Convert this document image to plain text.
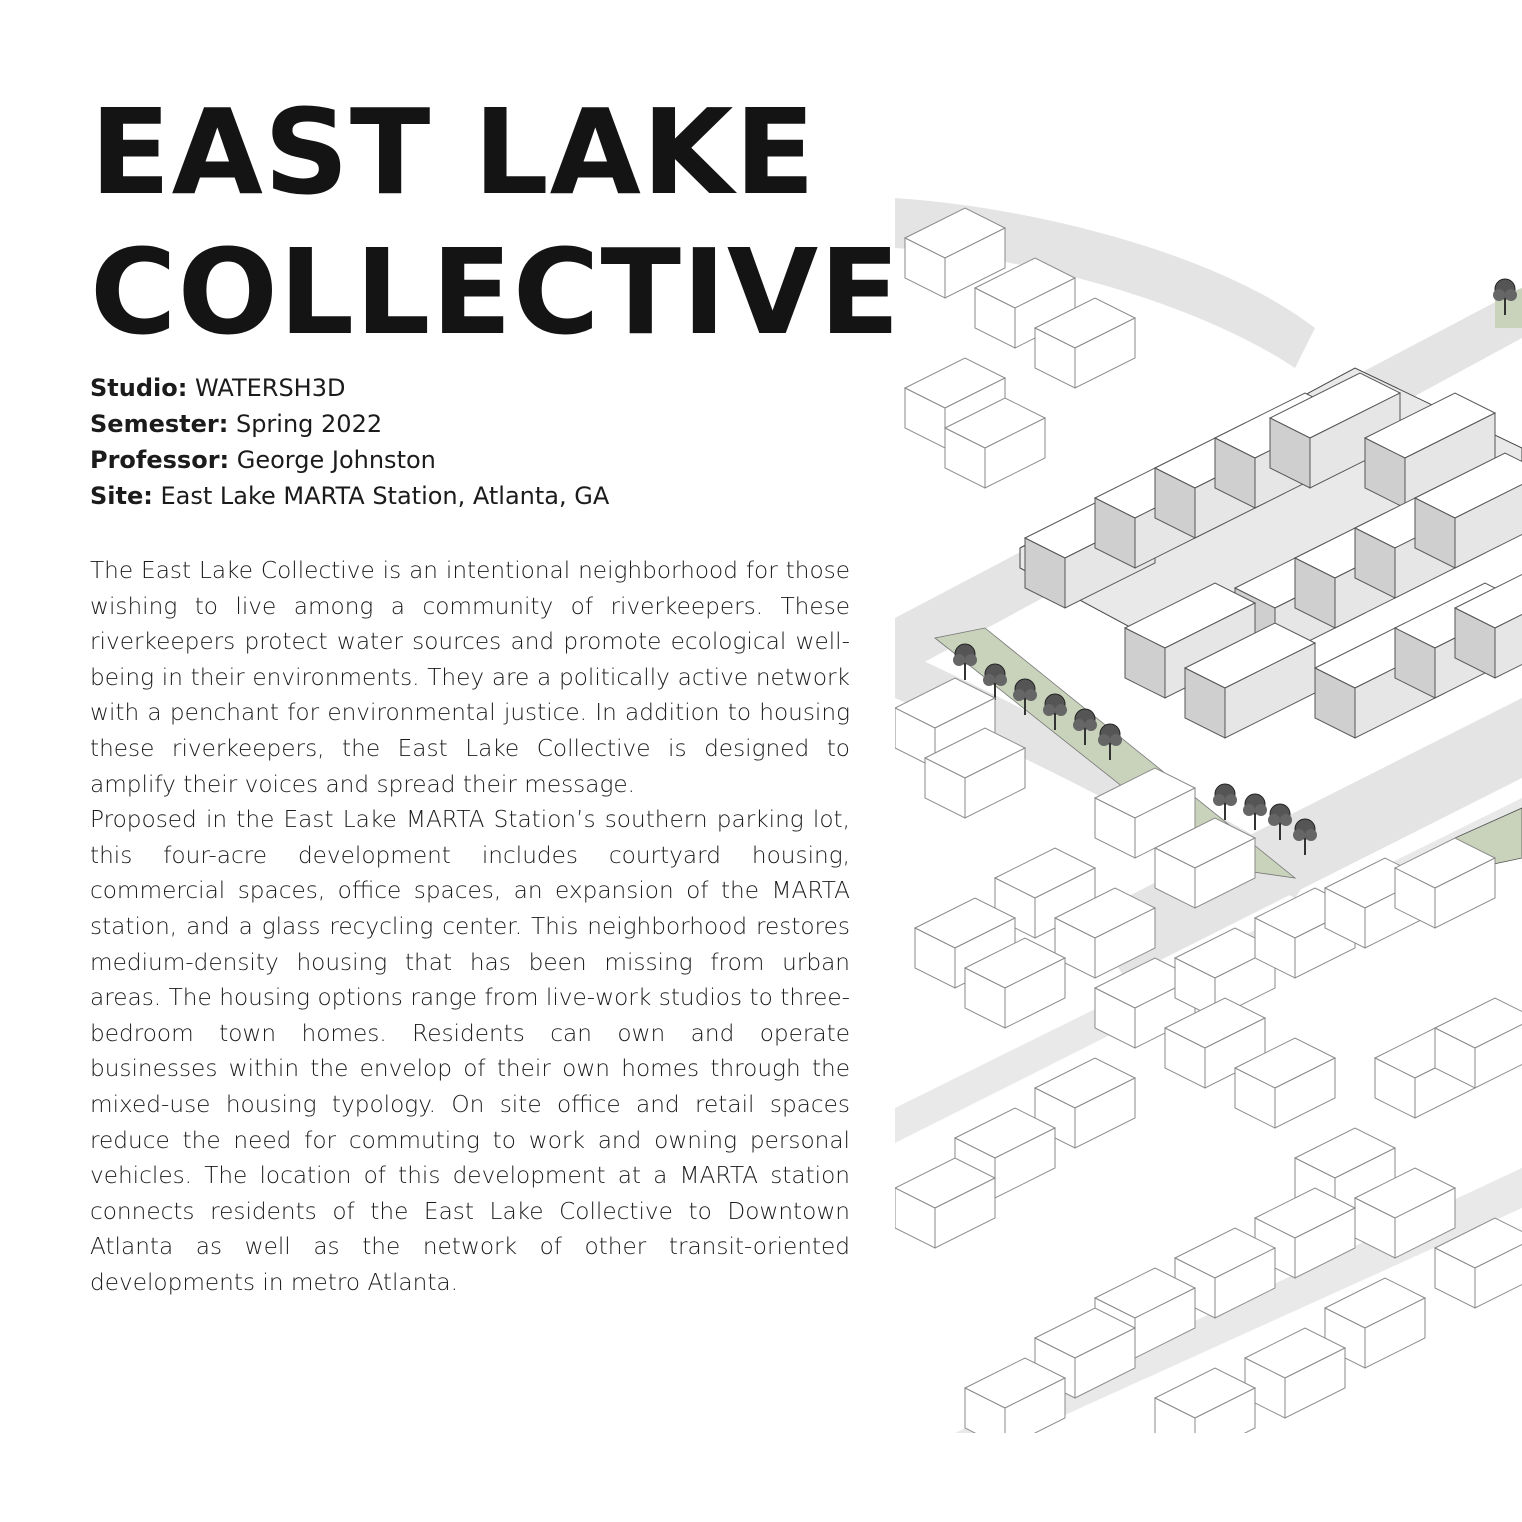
EAST LAKE
COLLECTIVE
Studio: WATERSH3D
Semester: Spring 2022
Professor: George Johnston
Site: East Lake MARTA Station, Atlanta, GA

The East Lake Collective is an intentional neighborhood for those wishing to live among a community of riverkeepers. These riverkeepers protect water sources and promote ecological well-being in their environments. They are a politically active network with a penchant for environmental justice. In addition to housing these riverkeepers, the East Lake Collective is designed to amplify their voices and spread their message.

Proposed in the East Lake MARTA Station’s southern parking lot, this four-acre development includes courtyard housing, commercial spaces, office spaces, an expansion of the MARTA station, and a glass recycling center. This neighborhood restores medium-density housing that has been missing from urban areas. The housing options range from live-work studios to three-bedroom town homes. Residents can own and operate businesses within the envelop of their own homes through the mixed-use housing typology. On site office and retail spaces reduce the need for commuting to work and owning personal vehicles. The location of this development at a MARTA station connects residents of the East Lake Collective to Downtown Atlanta as well as the network of other transit-oriented developments in metro Atlanta.
